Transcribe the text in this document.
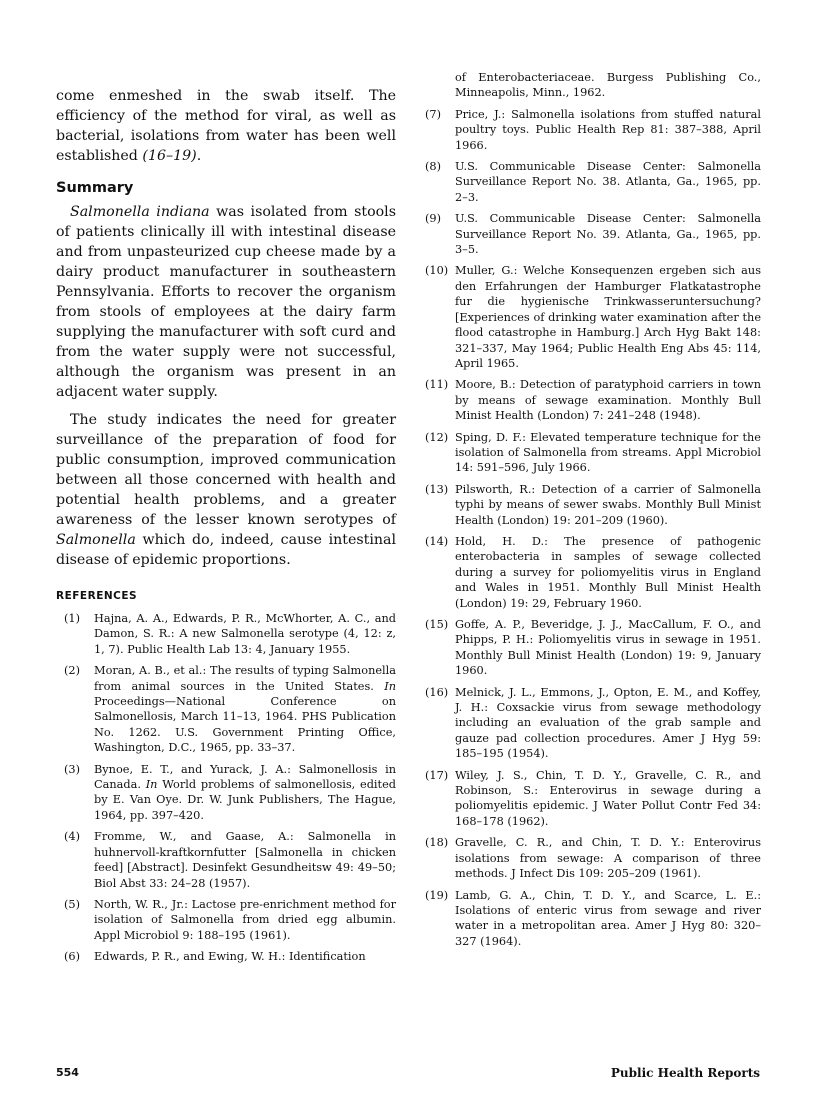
come enmeshed in the swab itself. The efficiency of the method for viral, as well as bacterial, isolations from water has been well established (16–19).

Summary

Salmonella indiana was isolated from stools of patients clinically ill with intestinal disease and from unpasteurized cup cheese made by a dairy product manufacturer in southeastern Pennsylvania. Efforts to recover the organism from stools of employees at the dairy farm supplying the manufacturer with soft curd and from the water supply were not successful, although the organism was present in an adjacent water supply.

The study indicates the need for greater surveillance of the preparation of food for public consumption, improved communication between all those concerned with health and potential health problems, and a greater awareness of the lesser known serotypes of Salmonella which do, indeed, cause intestinal disease of epidemic proportions.

REFERENCES

(1) Hajna, A. A., Edwards, P. R., McWhorter, A. C., and Damon, S. R.: A new Salmonella serotype (4, 12: z, 1, 7). Public Health Lab 13: 4, January 1955.

(2) Moran, A. B., et al.: The results of typing Salmonella from animal sources in the United States. In Proceedings—National Conference on Salmonellosis, March 11–13, 1964. PHS Publication No. 1262. U.S. Government Printing Office, Washington, D.C., 1965, pp. 33–37.

(3) Bynoe, E. T., and Yurack, J. A.: Salmonellosis in Canada. In World problems of salmonellosis, edited by E. Van Oye. Dr. W. Junk Publishers, The Hague, 1964, pp. 397–420.

(4) Fromme, W., and Gaase, A.: Salmonella in huhnervoll-kraftkornfutter [Salmonella in chicken feed] [Abstract]. Desinfekt Gesundheitsw 49: 49–50; Biol Abst 33: 24–28 (1957).

(5) North, W. R., Jr.: Lactose pre-enrichment method for isolation of Salmonella from dried egg albumin. Appl Microbiol 9: 188–195 (1961).

(6) Edwards, P. R., and Ewing, W. H.: Identification

of Enterobacteriaceae. Burgess Publishing Co., Minneapolis, Minn., 1962.

(7) Price, J.: Salmonella isolations from stuffed natural poultry toys. Public Health Rep 81: 387–388, April 1966.

(8) U.S. Communicable Disease Center: Salmonella Surveillance Report No. 38. Atlanta, Ga., 1965, pp. 2–3.

(9) U.S. Communicable Disease Center: Salmonella Surveillance Report No. 39. Atlanta, Ga., 1965, pp. 3–5.

(10) Muller, G.: Welche Konsequenzen ergeben sich aus den Erfahrungen der Hamburger Flatkatastrophe fur die hygienische Trinkwasseruntersuchung? [Experiences of drinking water examination after the flood catastrophe in Hamburg.] Arch Hyg Bakt 148: 321–337, May 1964; Public Health Eng Abs 45: 114, April 1965.

(11) Moore, B.: Detection of paratyphoid carriers in town by means of sewage examination. Monthly Bull Minist Health (London) 7: 241–248 (1948).

(12) Sping, D. F.: Elevated temperature technique for the isolation of Salmonella from streams. Appl Microbiol 14: 591–596, July 1966.

(13) Pilsworth, R.: Detection of a carrier of Salmonella typhi by means of sewer swabs. Monthly Bull Minist Health (London) 19: 201–209 (1960).

(14) Hold, H. D.: The presence of pathogenic enterobacteria in samples of sewage collected during a survey for poliomyelitis virus in England and Wales in 1951. Monthly Bull Minist Health (London) 19: 29, February 1960.

(15) Goffe, A. P., Beveridge, J. J., MacCallum, F. O., and Phipps, P. H.: Poliomyelitis virus in sewage in 1951. Monthly Bull Minist Health (London) 19: 9, January 1960.

(16) Melnick, J. L., Emmons, J., Opton, E. M., and Koffey, J. H.: Coxsackie virus from sewage methodology including an evaluation of the grab sample and gauze pad collection procedures. Amer J Hyg 59: 185–195 (1954).

(17) Wiley, J. S., Chin, T. D. Y., Gravelle, C. R., and Robinson, S.: Enterovirus in sewage during a poliomyelitis epidemic. J Water Pollut Contr Fed 34: 168–178 (1962).

(18) Gravelle, C. R., and Chin, T. D. Y.: Enterovirus isolations from sewage: A comparison of three methods. J Infect Dis 109: 205–209 (1961).

(19) Lamb, G. A., Chin, T. D. Y., and Scarce, L. E.: Isolations of enteric virus from sewage and river water in a metropolitan area. Amer J Hyg 80: 320–327 (1964).

554	Public Health Reports
